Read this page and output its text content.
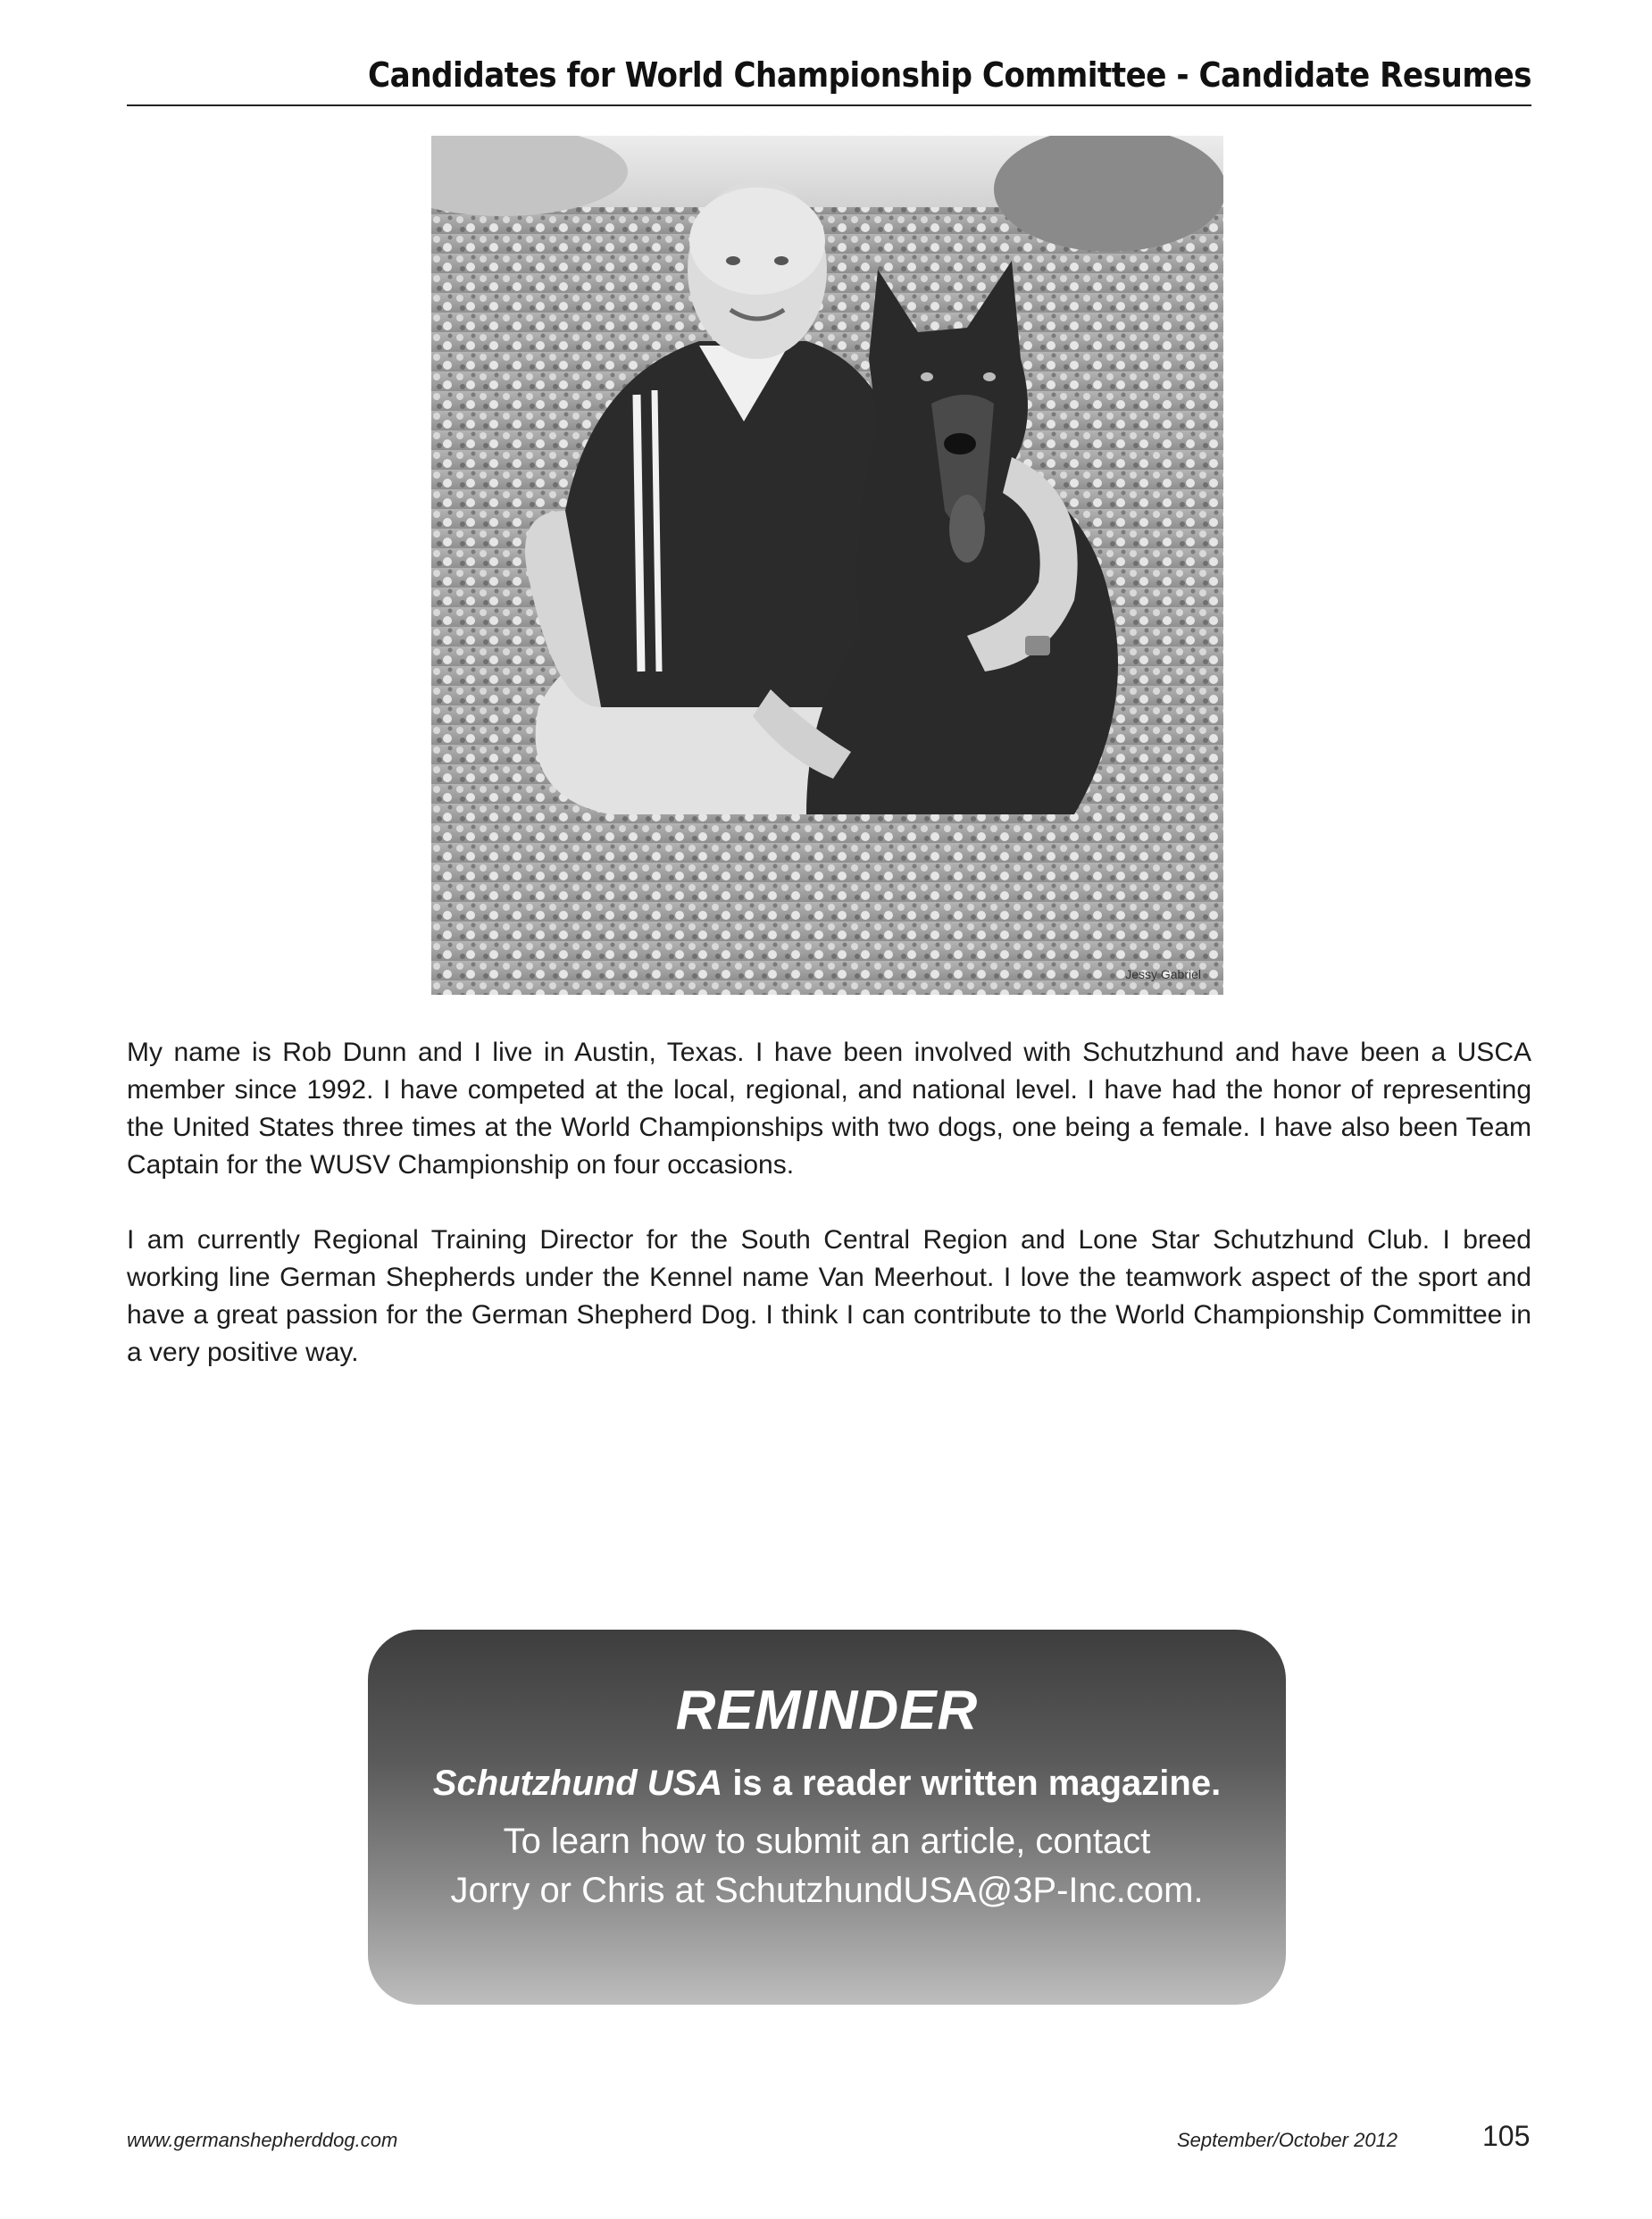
Candidates for World Championship Committee - Candidate Resumes
Jessy Gabriel

My name is Rob Dunn and I live in Austin, Texas. I have been involved with Schutzhund and have been a USCA member since 1992. I have competed at the local, regional, and national level. I have had the honor of representing the United States three times at the World Championships with two dogs, one being a female. I have also been Team Captain for the WUSV Championship on four occasions.

I am currently Regional Training Director for the South Central Region and Lone Star Schutzhund Club. I breed working line German Shepherds under the Kennel name Van Meerhout. I love the teamwork aspect of the sport and have a great passion for the German Shepherd Dog. I think I can contribute to the World Championship Committee in a very positive way.

REMINDER
Schutzhund USA is a reader written magazine.
To learn how to submit an article, contact
Jorry or Chris at SchutzhundUSA@3P-Inc.com.
www.germanshepherddog.com	September/October 2012	105
